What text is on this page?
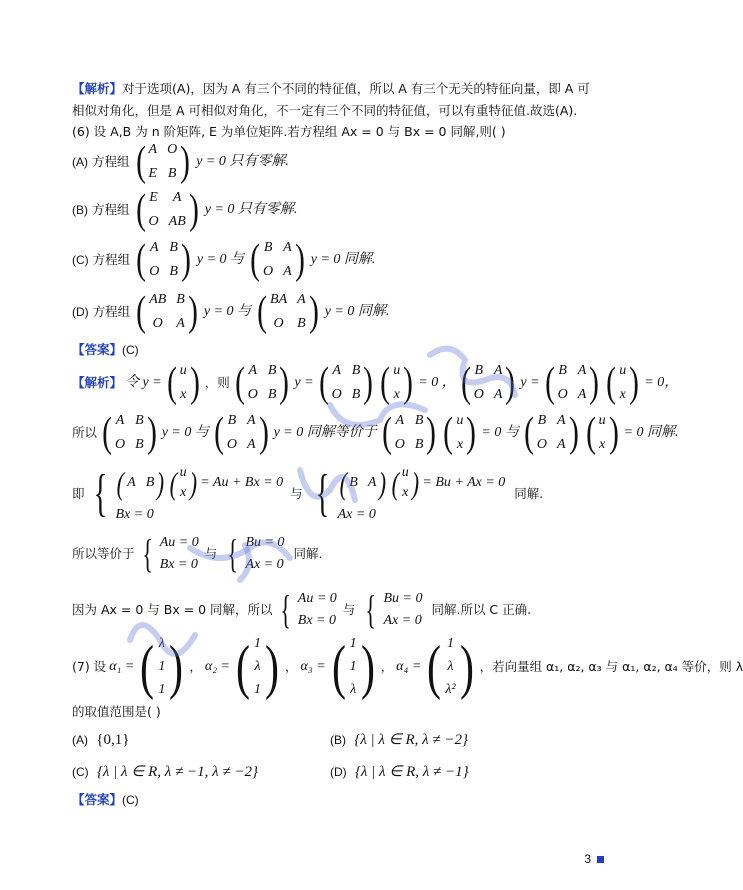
【解析】对于选项(A)，因为 A 有三个不同的特征值，所以 A 有三个无关的特征向量，即 A 可相似对角化，但是 A 可相似对角化，不一定有三个不同的特征值，可以有重特征值.故选(A).
(6) 设 A,B 为 n 阶矩阵, E 为单位矩阵.若方程组 Ax = 0 与 Bx = 0 同解,则( )
(A) 方程组 ( A O
E B ) y = 0 只有零解.
(B) 方程组 ( E	A
O AB ) y = 0 只有零解.
(C) 方程组 ( A B
O B ) y = 0 与 ( B A
O A ) y = 0 同解.
(D) 方程组 ( AB B
O A ) y = 0 与 ( BA A
O B ) y = 0 同解.
【答案】(C)
【解析】 令 y = ( u
x ) ，则 ( A B
O B ) y = ( A B
O B ) ( u
x ) = 0 ， ( B A
O A ) y = ( B A
O A ) ( u
x ) = 0，
所以 ( A B
O B ) y = 0 与 ( B A
O A ) y = 0 同解等价于 ( A B
O B ) ( u
x ) = 0 与 ( B A
O A ) ( u
x ) = 0 同解.
即 { ( A B ) ( u
x ) = Au + Bx = 0
Bx = 0
与 { ( B A ) ( u
x ) = Bu + Ax = 0
Ax = 0
同解.
所以等价于 { Au = 0
Bx = 0
与 { Bu = 0
Ax = 0
同解.
因为 Ax = 0 与 Bx = 0 同解，所以 { Au = 0
Bx = 0
与 { Bu = 0
Ax = 0
同解.所以 C 正确.
(7) 设 α₁ = ( λ
1
1 ) ， α₂ = ( 1
λ
1 ) ， α₃ = ( 1
1
λ ) ， α₄ = ( 1
λ
λ² ) ，若向量组 α₁, α₂, α₃ 与 α₁, α₂, α₄ 等价，则 λ
的取值范围是( )
(A) {0,1}	(B) {λ | λ ∈ R, λ ≠ −2}
(C) {λ | λ ∈ R, λ ≠ −1, λ ≠ −2}	(D) {λ | λ ∈ R, λ ≠ −1}
【答案】(C)
3
